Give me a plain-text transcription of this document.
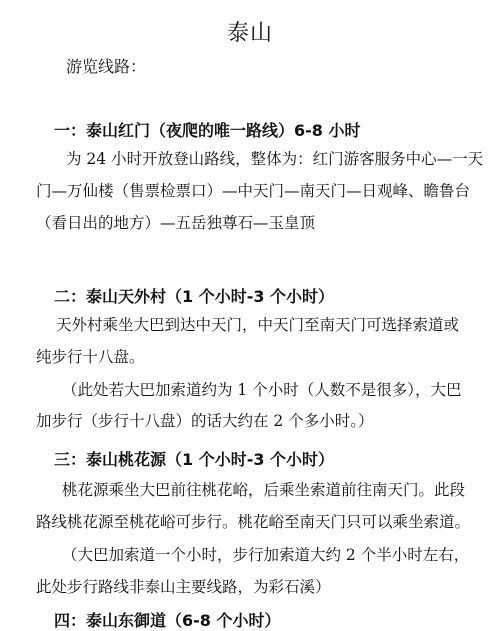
泰山
游览线路：
一：泰山红门（夜爬的唯一路线）6-8 小时
为 24 小时开放登山路线，整体为：红门游客服务中心—一天
门—万仙楼（售票检票口）—中天门—南天门—日观峰、瞻鲁台
（看日出的地方）—五岳独尊石—玉皇顶
二：泰山天外村（1 个小时-3 个小时）
天外村乘坐大巴到达中天门，中天门至南天门可选择索道或
纯步行十八盘。
（此处若大巴加索道约为 1 个小时（人数不是很多），大巴
加步行（步行十八盘）的话大约在 2 个多小时。）
三：泰山桃花源（1 个小时-3 个小时）
桃花源乘坐大巴前往桃花峪，后乘坐索道前往南天门。此段
路线桃花源至桃花峪可步行。桃花峪至南天门只可以乘坐索道。
（大巴加索道一个小时，步行加索道大约 2 个半小时左右，
此处步行路线非泰山主要线路，为彩石溪）
四：泰山东御道（6-8 个小时）
